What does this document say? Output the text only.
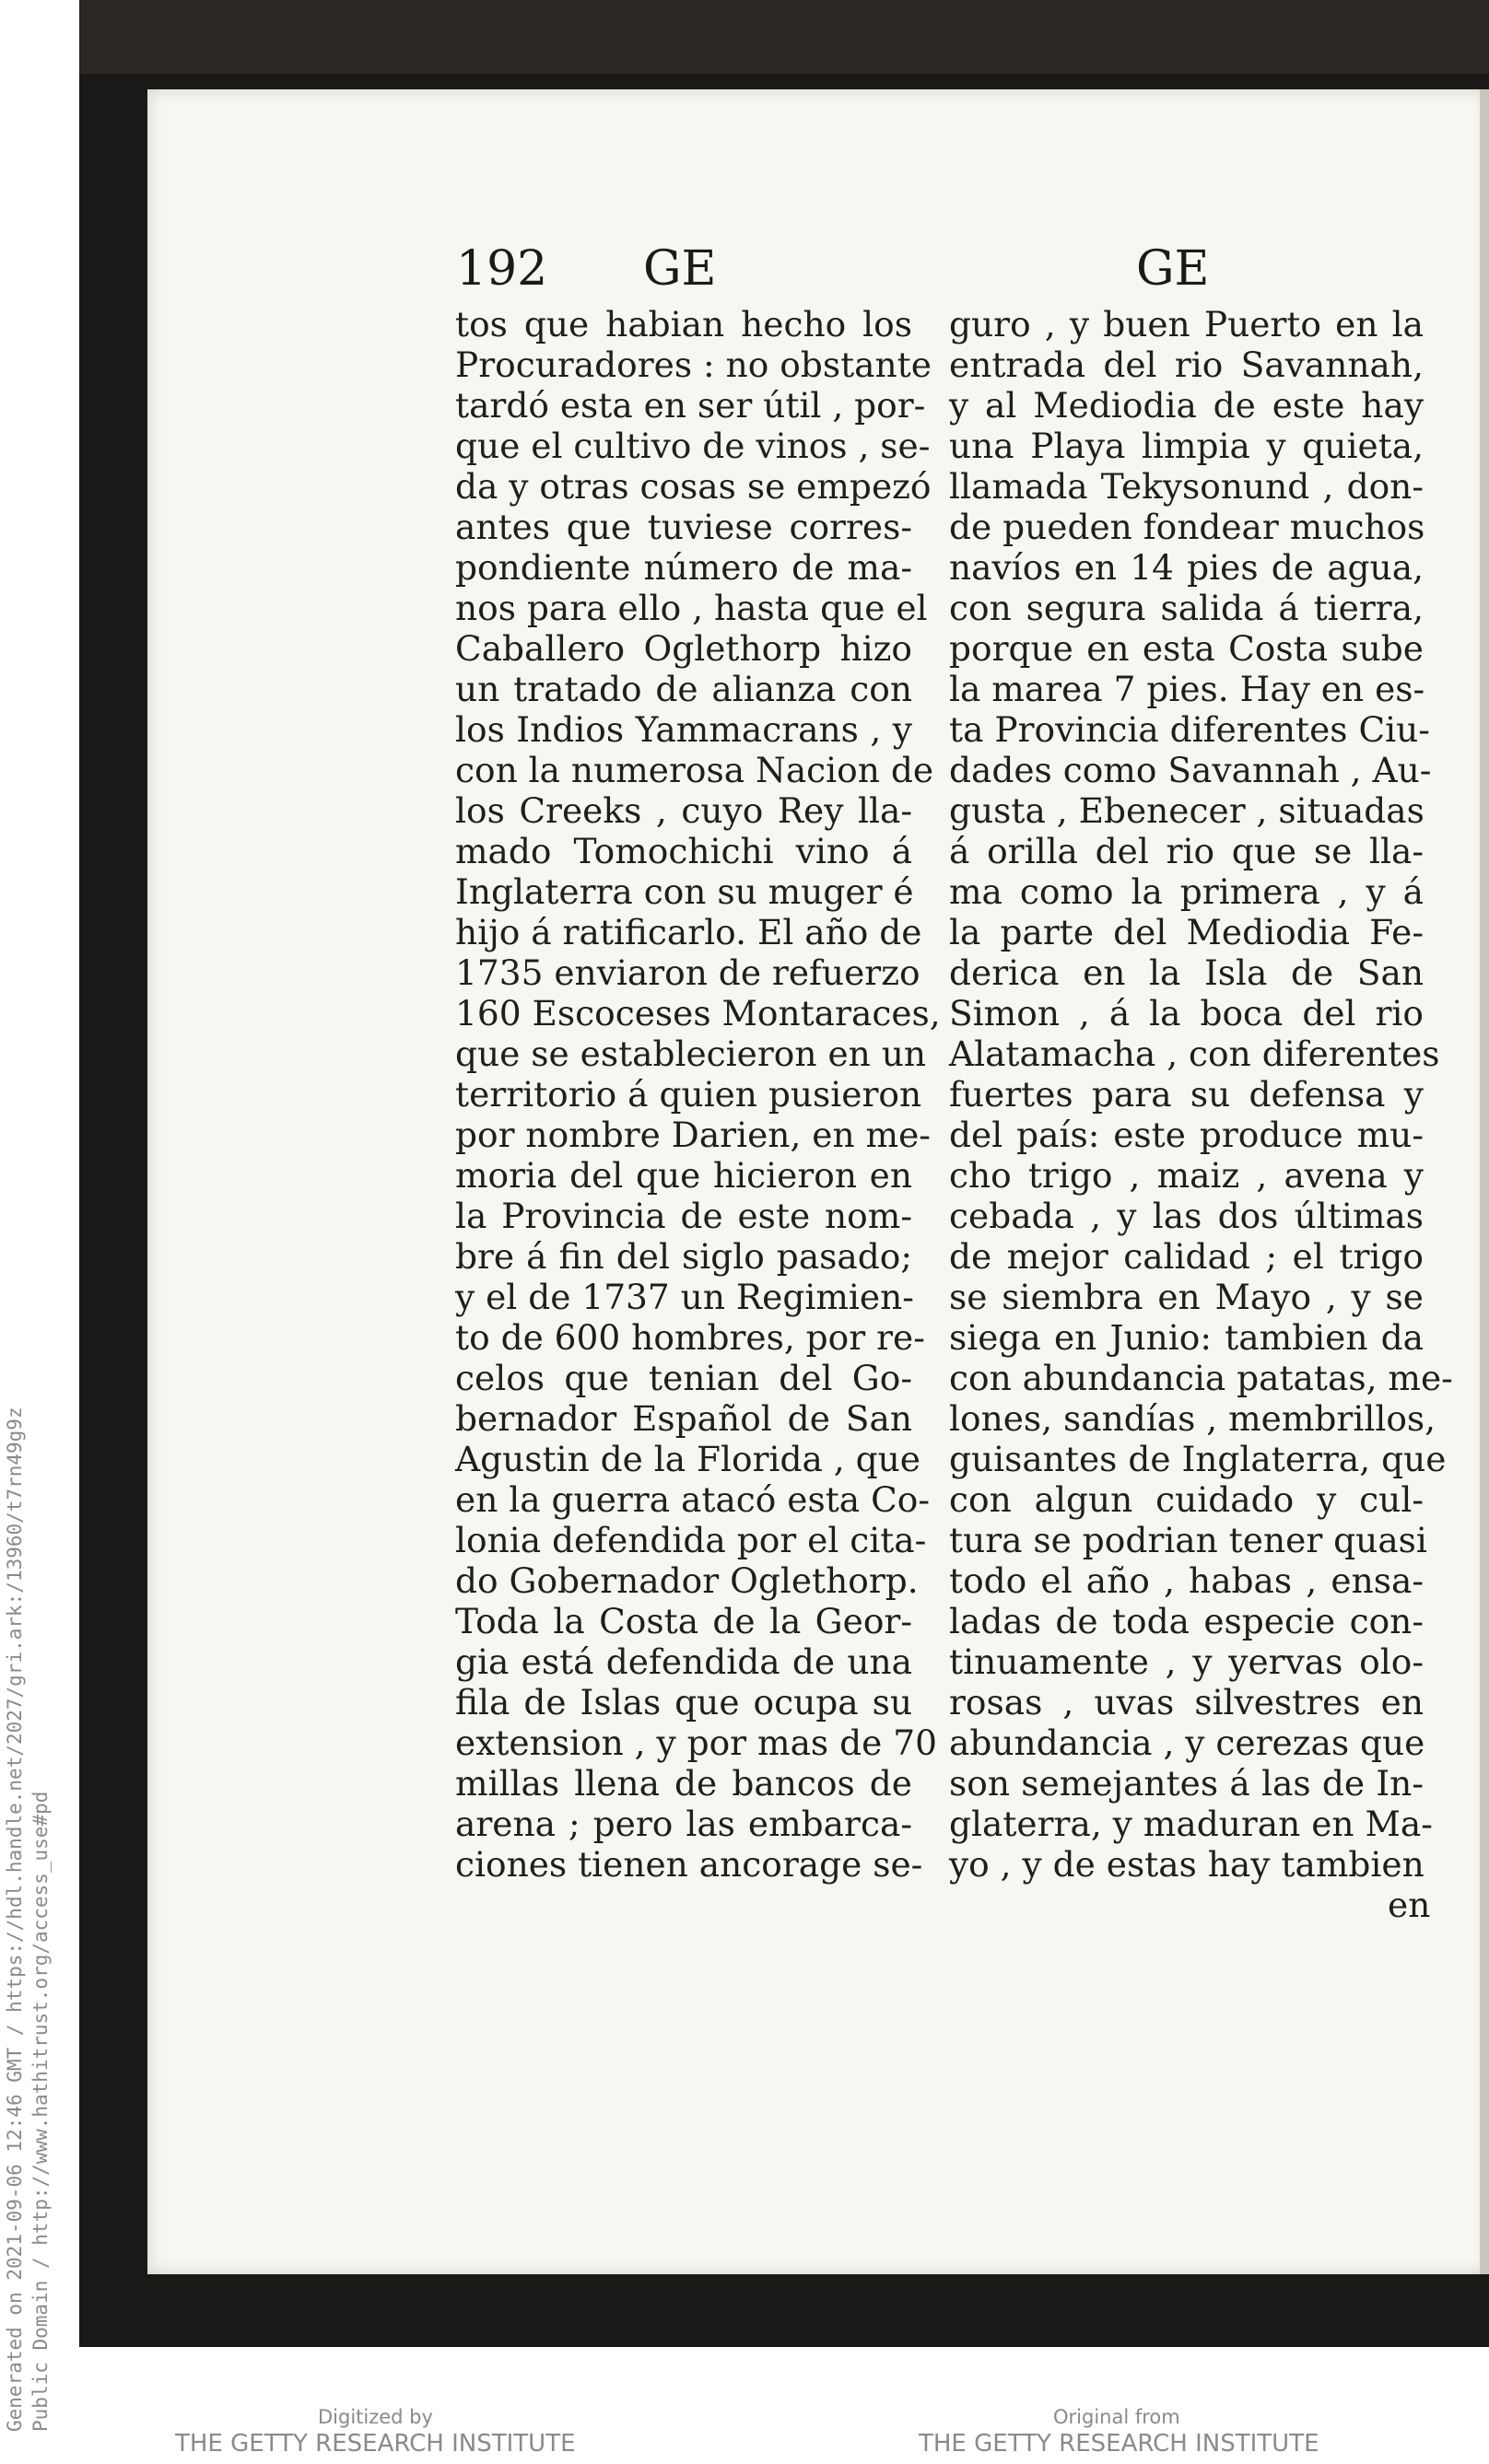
192 GE	GE
tos que habian hecho los
Procuradores : no obstante
tardó esta en ser útil , por-
que el cultivo de vinos , se-
da y otras cosas se empezó
antes que tuviese corres-
pondiente número de ma-
nos para ello , hasta que el
Caballero Oglethorp hizo
un tratado de alianza con
los Indios Yammacrans , y
con la numerosa Nacion de
los Creeks , cuyo Rey lla-
mado Tomochichi vino á
Inglaterra con su muger é
hijo á ratificarlo. El año de
1735 enviaron de refuerzo
160 Escoceses Montaraces,
que se establecieron en un
territorio á quien pusieron
por nombre Darien, en me-
moria del que hicieron en
la Provincia de este nom-
bre á fin del siglo pasado;
y el de 1737 un Regimien-
to de 600 hombres, por re-
celos que tenian del Go-
bernador Español de San
Agustin de la Florida , que
en la guerra atacó esta Co-
lonia defendida por el cita-
do Gobernador Oglethorp.
Toda la Costa de la Geor-
gia está defendida de una
fila de Islas que ocupa su
extension , y por mas de 70
millas llena de bancos de
arena ; pero las embarca-
ciones tienen ancorage se-
guro , y buen Puerto en la
entrada del rio Savannah,
y al Mediodia de este hay
una Playa limpia y quieta,
llamada Tekysonund , don-
de pueden fondear muchos
navíos en 14 pies de agua,
con segura salida á tierra,
porque en esta Costa sube
la marea 7 pies. Hay en es-
ta Provincia diferentes Ciu-
dades como Savannah , Au-
gusta , Ebenecer , situadas
á orilla del rio que se lla-
ma como la primera , y á
la parte del Mediodia Fe-
derica en la Isla de San
Simon , á la boca del rio
Alatamacha , con diferentes
fuertes para su defensa y
del país: este produce mu-
cho trigo , maiz , avena y
cebada , y las dos últimas
de mejor calidad ; el trigo
se siembra en Mayo , y se
siega en Junio: tambien da
con abundancia patatas, me-
lones, sandías , membrillos,
guisantes de Inglaterra, que
con algun cuidado y cul-
tura se podrian tener quasi
todo el año , habas , ensa-
ladas de toda especie con-
tinuamente , y yervas olo-
rosas , uvas silvestres en
abundancia , y cerezas que
son semejantes á las de In-
glaterra, y maduran en Ma-
yo , y de estas hay tambien
en
Generated on 2021-09-06 12:46 GMT / https://hdl.handle.net/2027/gri.ark:/13960/t7rn49g9z Public Domain / http://www.hathitrust.org/access_use#pd	Digitized by
THE GETTY RESEARCH INSTITUTE
Original from
THE GETTY RESEARCH INSTITUTE
